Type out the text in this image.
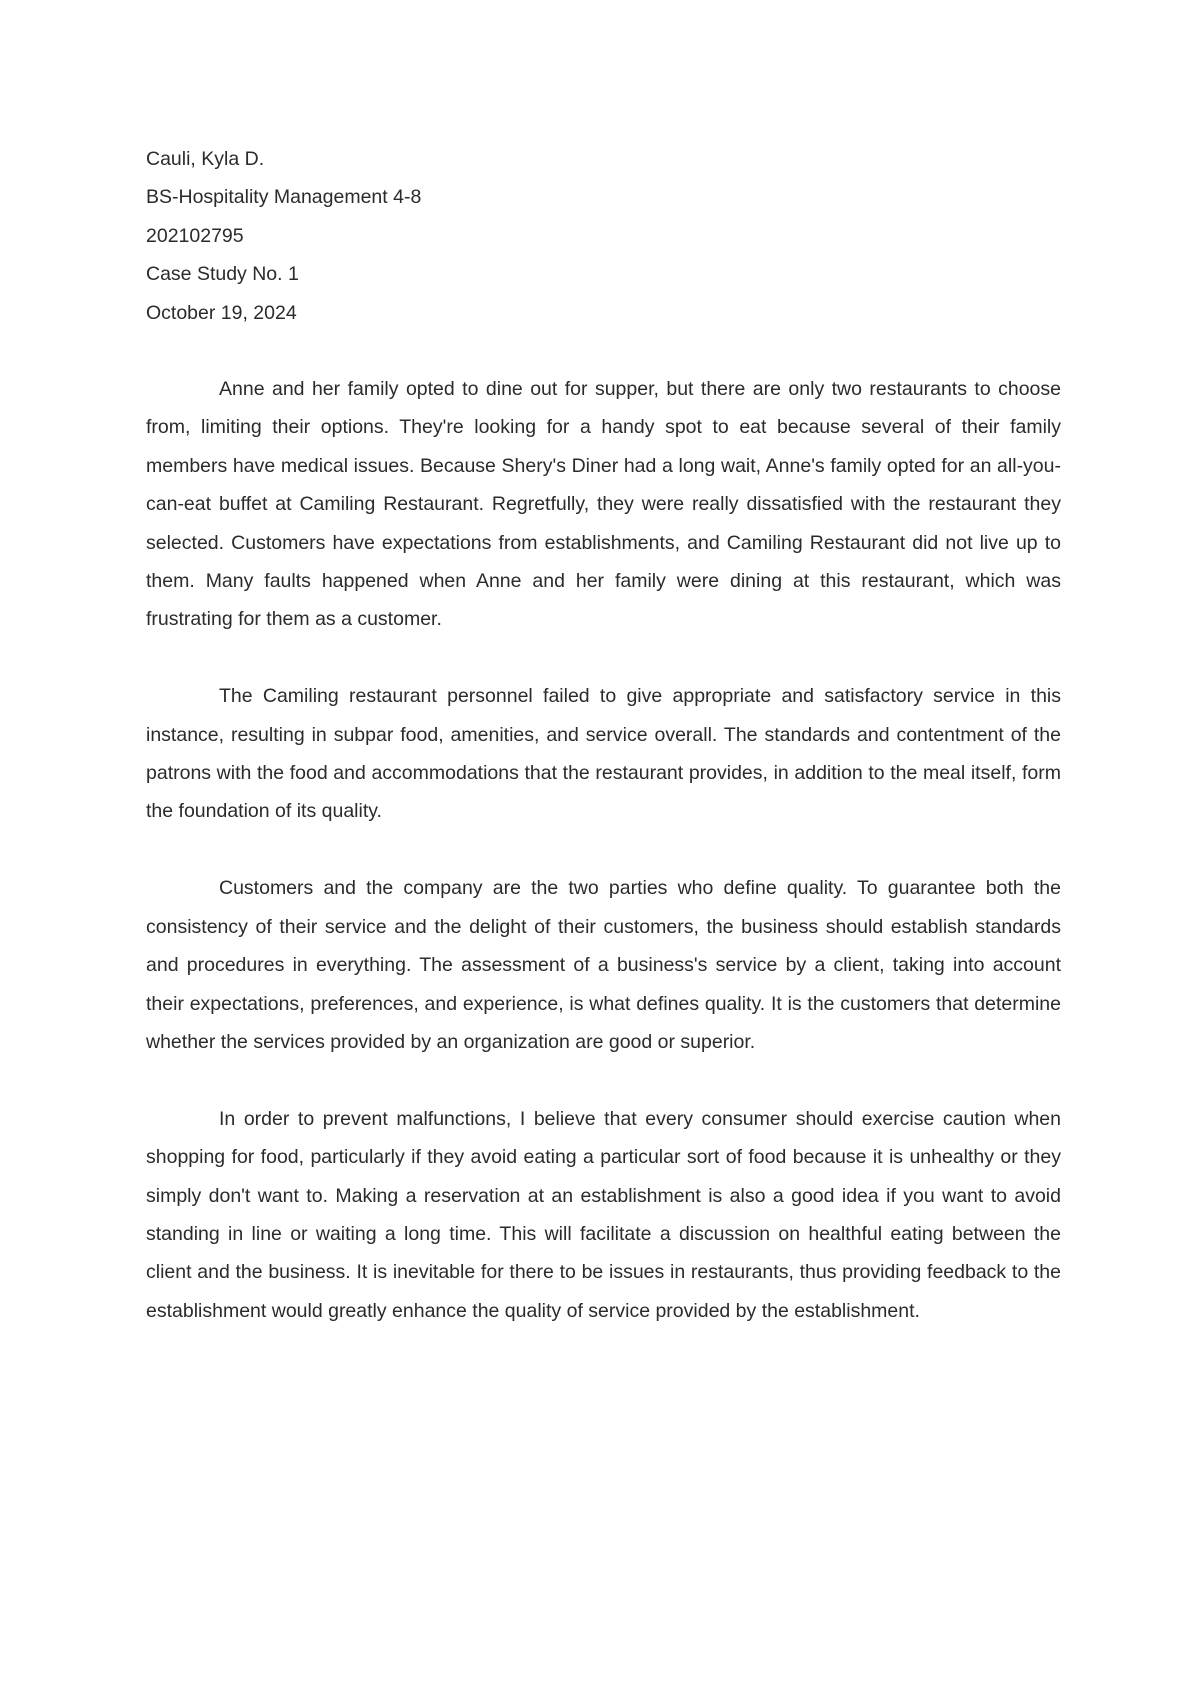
Cauli, Kyla D.

BS-Hospitality Management 4-8

202102795

Case Study No. 1

October 19, 2024

Anne and her family opted to dine out for supper, but there are only two restaurants to choose from, limiting their options. They're looking for a handy spot to eat because several of their family members have medical issues. Because Shery's Diner had a long wait, Anne's family opted for an all-you-can-eat buffet at Camiling Restaurant. Regretfully, they were really dissatisfied with the restaurant they selected. Customers have expectations from establishments, and Camiling Restaurant did not live up to them. Many faults happened when Anne and her family were dining at this restaurant, which was frustrating for them as a customer.

The Camiling restaurant personnel failed to give appropriate and satisfactory service in this instance, resulting in subpar food, amenities, and service overall. The standards and contentment of the patrons with the food and accommodations that the restaurant provides, in addition to the meal itself, form the foundation of its quality.

Customers and the company are the two parties who define quality. To guarantee both the consistency of their service and the delight of their customers, the business should establish standards and procedures in everything. The assessment of a business's service by a client, taking into account their expectations, preferences, and experience, is what defines quality. It is the customers that determine whether the services provided by an organization are good or superior.

In order to prevent malfunctions, I believe that every consumer should exercise caution when shopping for food, particularly if they avoid eating a particular sort of food because it is unhealthy or they simply don't want to. Making a reservation at an establishment is also a good idea if you want to avoid standing in line or waiting a long time. This will facilitate a discussion on healthful eating between the client and the business. It is inevitable for there to be issues in restaurants, thus providing feedback to the establishment would greatly enhance the quality of service provided by the establishment.
